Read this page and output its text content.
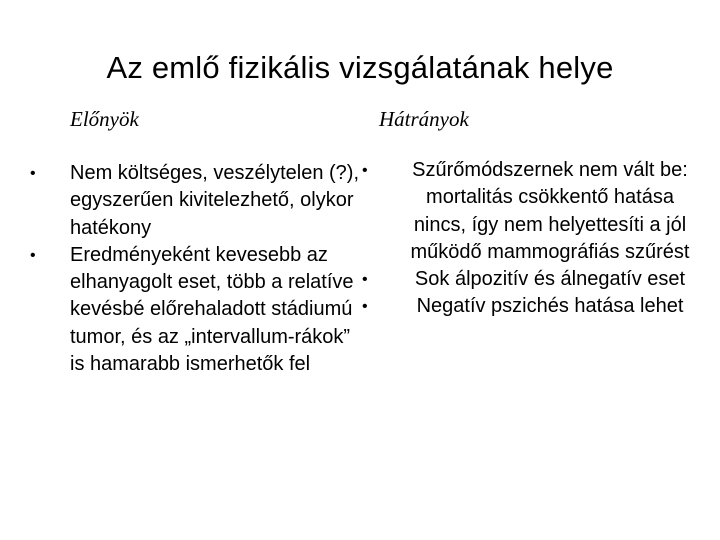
Az emlő fizikális vizsgálatának helye
Előnyök	Hátrányok
•	Nem költséges, veszélytelen (?), egyszerűen kivitelezhető, olykor hatékony
•	Eredményeként kevesebb az elhanyagolt eset, több a relatíve kevésbé előrehaladott stádiumú tumor, és az „intervallum-rákok” is hamarabb ismerhetők fel
•	Szűrőmódszernek nem vált be: mortalitás csökkentő hatása nincs, így nem helyettesíti a jól működő mammográfiás szűrést
•	Sok álpozitív és álnegatív eset
•	Negatív pszichés hatása lehet
